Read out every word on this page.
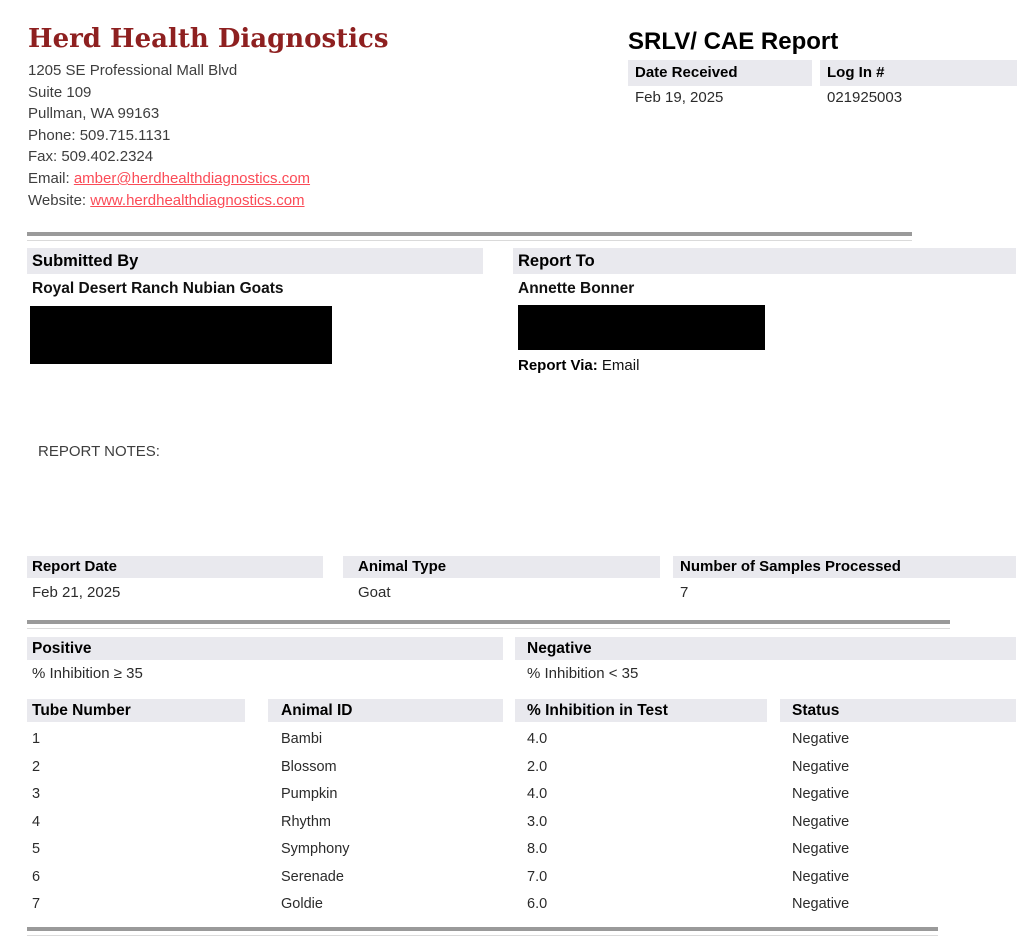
Herd Health Diagnostics
1205 SE Professional Mall Blvd
Suite 109
Pullman, WA 99163
Phone: 509.715.1131
Fax: 509.402.2324
Email: amber@herdhealthdiagnostics.com
Website: www.herdhealthdiagnostics.com
SRLV/ CAE Report
Date Received	Log In #
Feb 19, 2025	021925003
Submitted By
Royal Desert Ranch Nubian Goats
Report To
Annette Bonner
Report Via: Email
REPORT NOTES:
Report Date	Animal Type	Number of Samples Processed
Feb 21, 2025	Goat	7
Positive	Negative
% Inhibition ≥ 35	% Inhibition < 35
Tube Number	Animal ID	% Inhibition in Test	Status
1	Bambi	4.0	Negative
2	Blossom	2.0	Negative
3	Pumpkin	4.0	Negative
4	Rhythm	3.0	Negative
5	Symphony	8.0	Negative
6	Serenade	7.0	Negative
7	Goldie	6.0	Negative
